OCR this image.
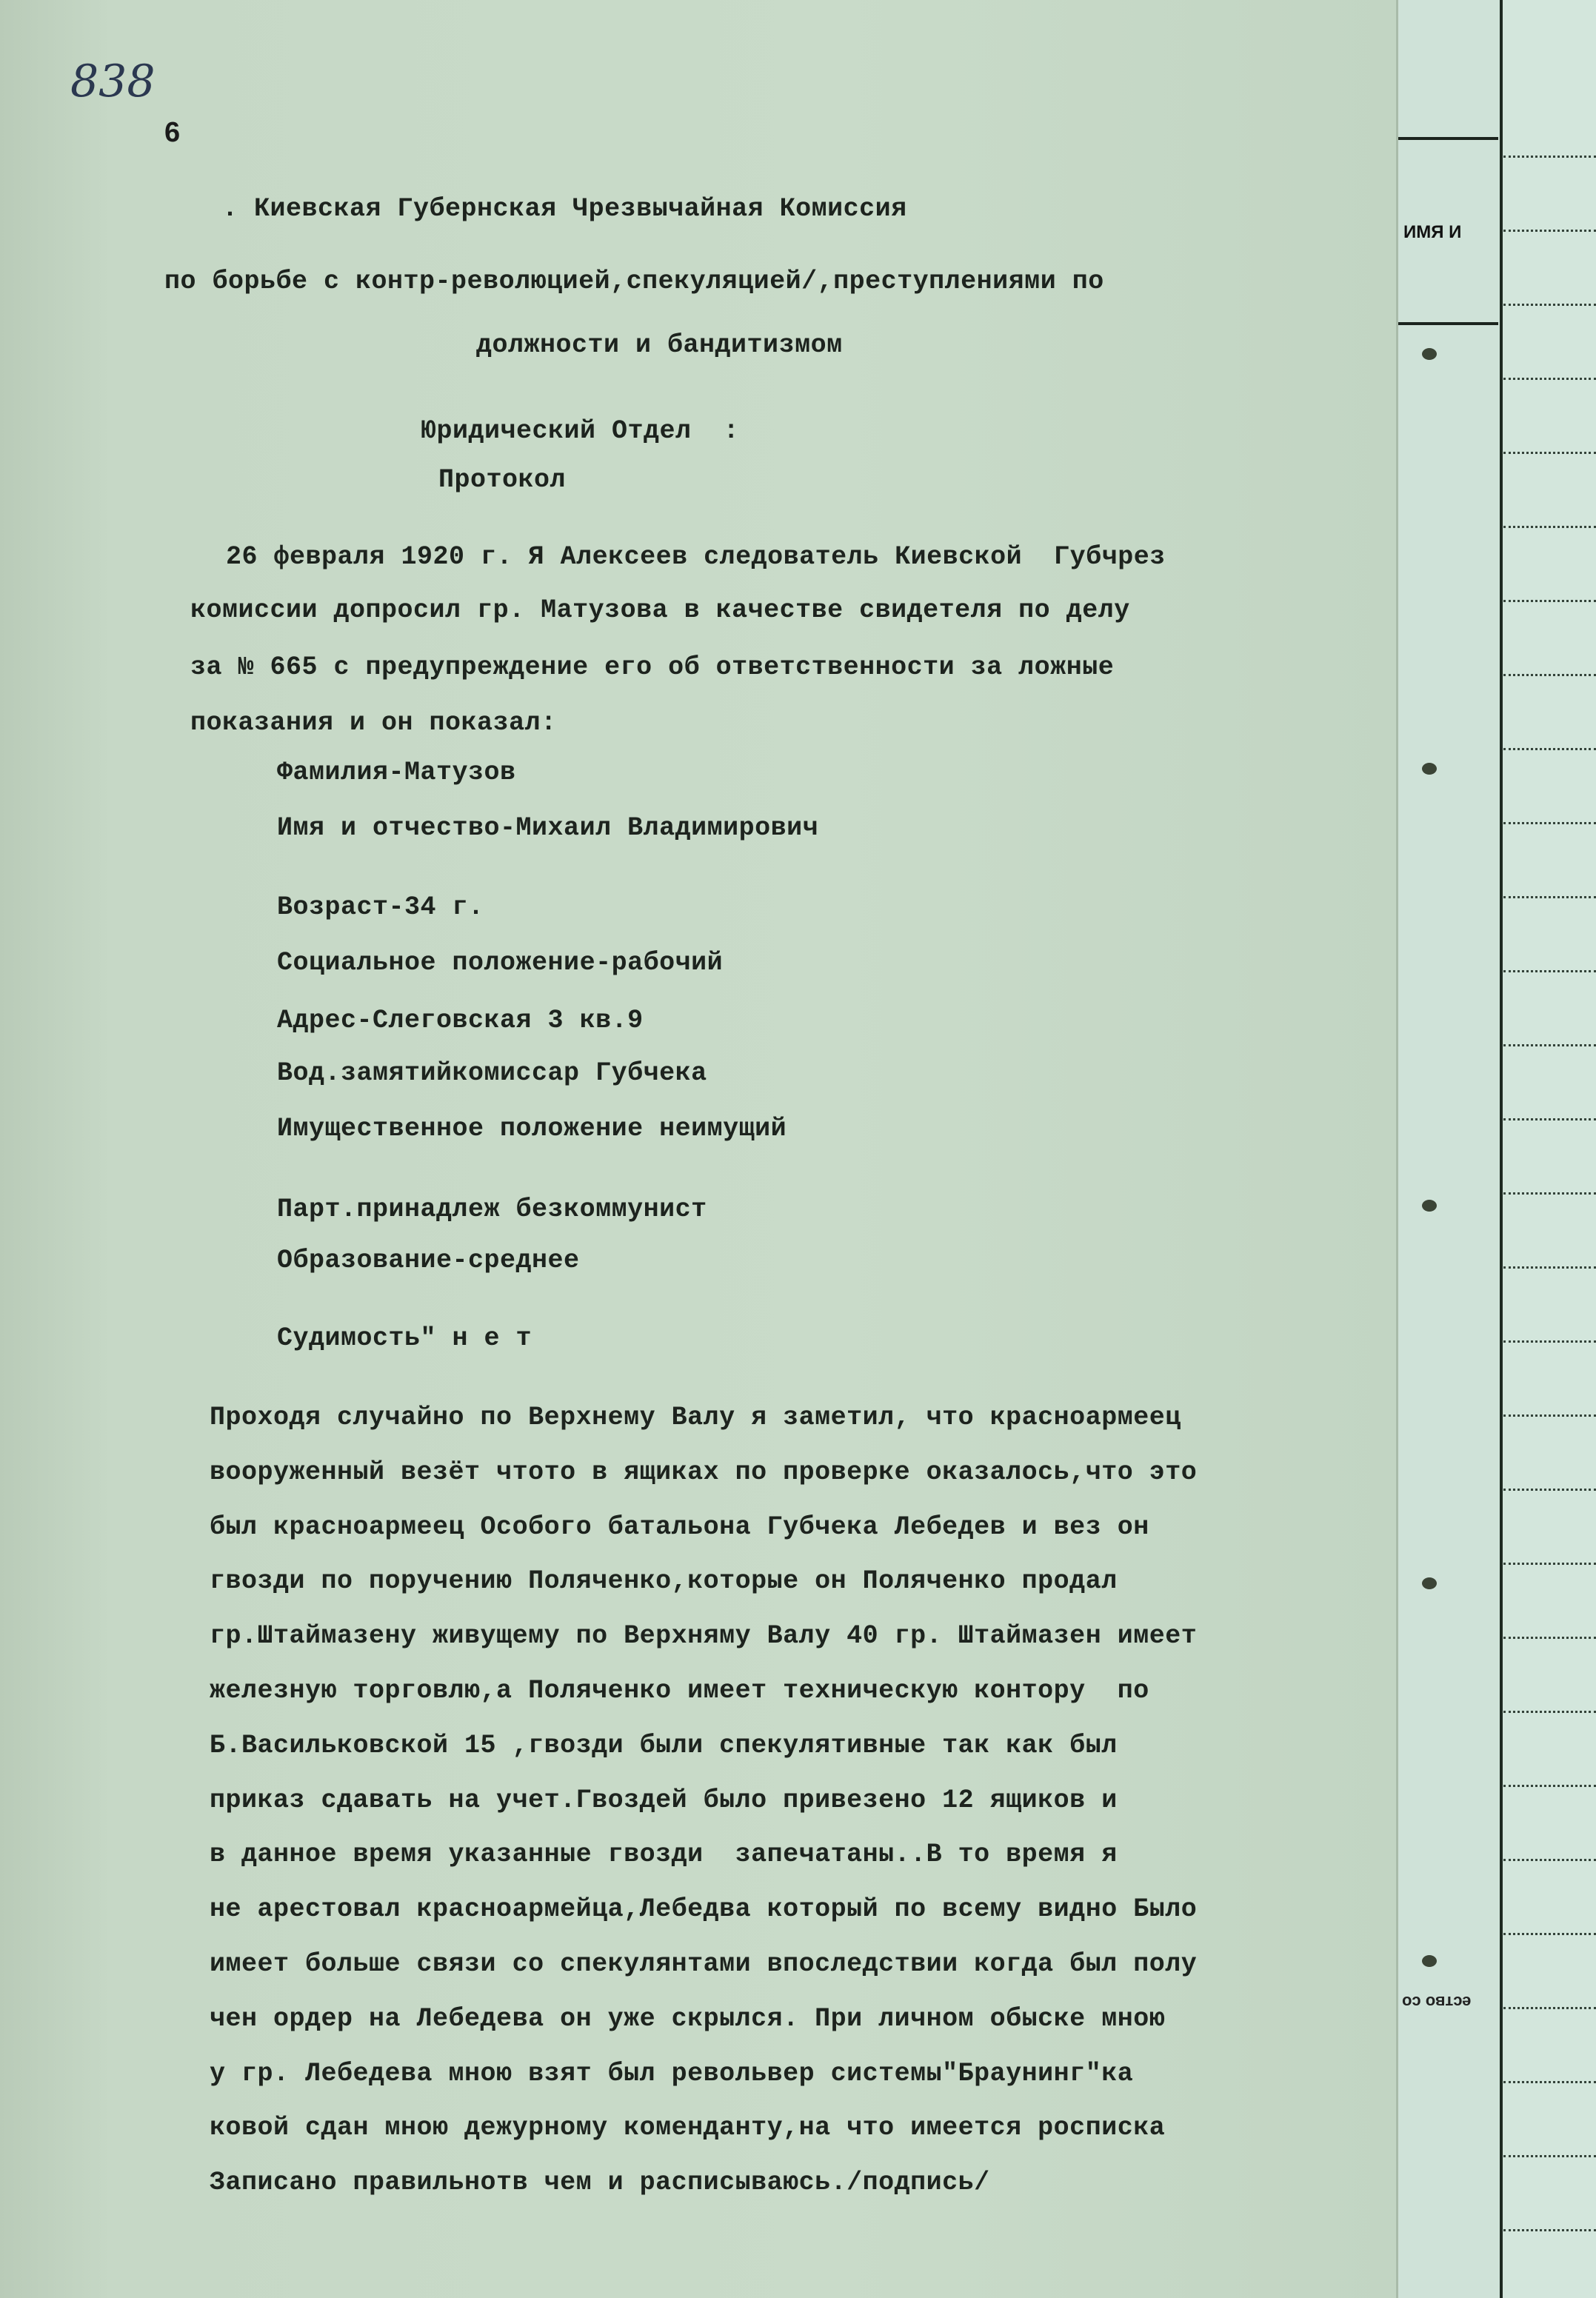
ИМЯ И
ество со
838
6
. Киевская Губернская Чрезвычайная Комиссия
по борьбе с контр-революцией,спекуляцией/,преступлениями по
должности и бандитизмом
Юридический Отдел  :
Протокол
26 февраля 1920 г. Я Алексеев следователь Киевской  Губчрез
комиссии допросил гр. Матузова в качестве свидетеля по делу
за № 665 с предупреждение его об ответственности за ложные
показания и он показал:
Фамилия-Матузов
Имя и отчество-Михаил Владимирович
Возраст-34 г.
Социальное положение-рабочий
Адрес-Слеговская 3 кв.9
Вод.замятийкомиссар Губчека
Имущественное положение неимущий
Парт.принадлеж безкоммунист
Образование-среднее
Судимость" н е т
Проходя случайно по Верхнему Валу я заметил, что красноармеец
вооруженный везёт чтото в ящиках по проверке оказалось,что это
был красноармеец Особого батальона Губчека Лебедев и вез он
гвозди по поручению Поляченко,которые он Поляченко продал
гр.Штаймазену живущему по Верхняму Валу 40 гр. Штаймазен имеет
железную торговлю,а Поляченко имеет техническую контору  по
Б.Васильковской 15 ,гвозди были спекулятивные так как был
приказ сдавать на учет.Гвоздей было привезено 12 ящиков и
в данное время указанные гвозди  запечатаны..В то время я
не арестовал красноармейца,Лебедва который по всему видно Было
имеет больше связи со спекулянтами впоследствии когда был полу
чен ордер на Лебедева он уже скрылся. При личном обыске мною
у гр. Лебедева мною взят был револьвер системы"Браунинг"ка
ковой сдан мною дежурному коменданту,на что имеется росписка
Записано правильнотв чем и расписываюсь./подпись/
